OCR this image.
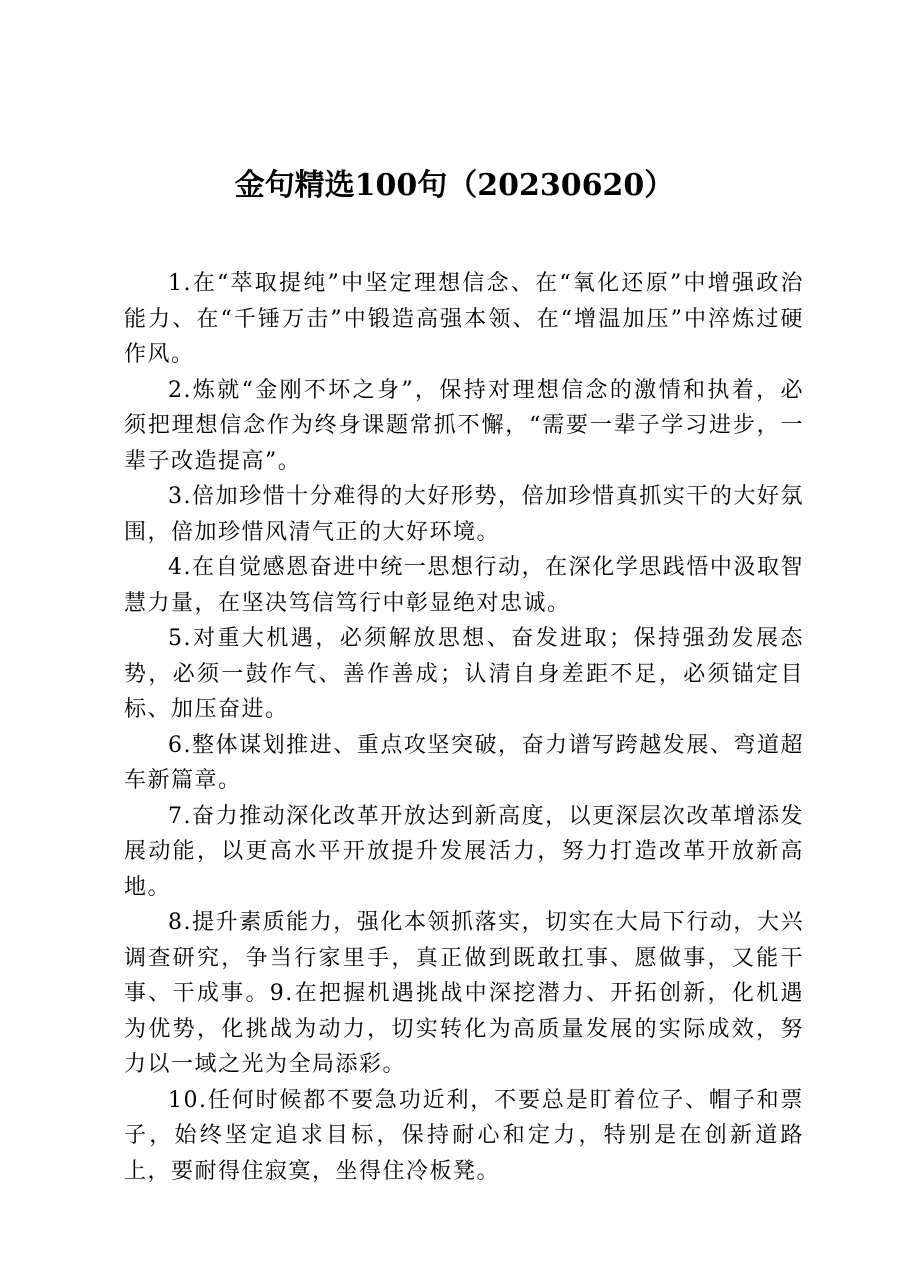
金句精选100句（20230620）

1.在“萃取提纯”中坚定理想信念、在“氧化还原”中增强政治能力、在“千锤万击”中锻造高强本领、在“增温加压”中淬炼过硬作风。

2.炼就“金刚不坏之身”，保持对理想信念的激情和执着，必须把理想信念作为终身课题常抓不懈，“需要一辈子学习进步，一辈子改造提高”。

3.倍加珍惜十分难得的大好形势，倍加珍惜真抓实干的大好氛围，倍加珍惜风清气正的大好环境。

4.在自觉感恩奋进中统一思想行动，在深化学思践悟中汲取智慧力量，在坚决笃信笃行中彰显绝对忠诚。

5.对重大机遇，必须解放思想、奋发进取；保持强劲发展态势，必须一鼓作气、善作善成；认清自身差距不足，必须锚定目标、加压奋进。

6.整体谋划推进、重点攻坚突破，奋力谱写跨越发展、弯道超车新篇章。

7.奋力推动深化改革开放达到新高度，以更深层次改革增添发展动能，以更高水平开放提升发展活力，努力打造改革开放新高地。

8.提升素质能力，强化本领抓落实，切实在大局下行动，大兴调查研究，争当行家里手，真正做到既敢扛事、愿做事，又能干事、干成事。9.在把握机遇挑战中深挖潜力、开拓创新，化机遇为优势，化挑战为动力，切实转化为高质量发展的实际成效，努力以一域之光为全局添彩。

10.任何时候都不要急功近利，不要总是盯着位子、帽子和票子，始终坚定追求目标，保持耐心和定力，特别是在创新道路上，要耐得住寂寞，坐得住冷板凳。
